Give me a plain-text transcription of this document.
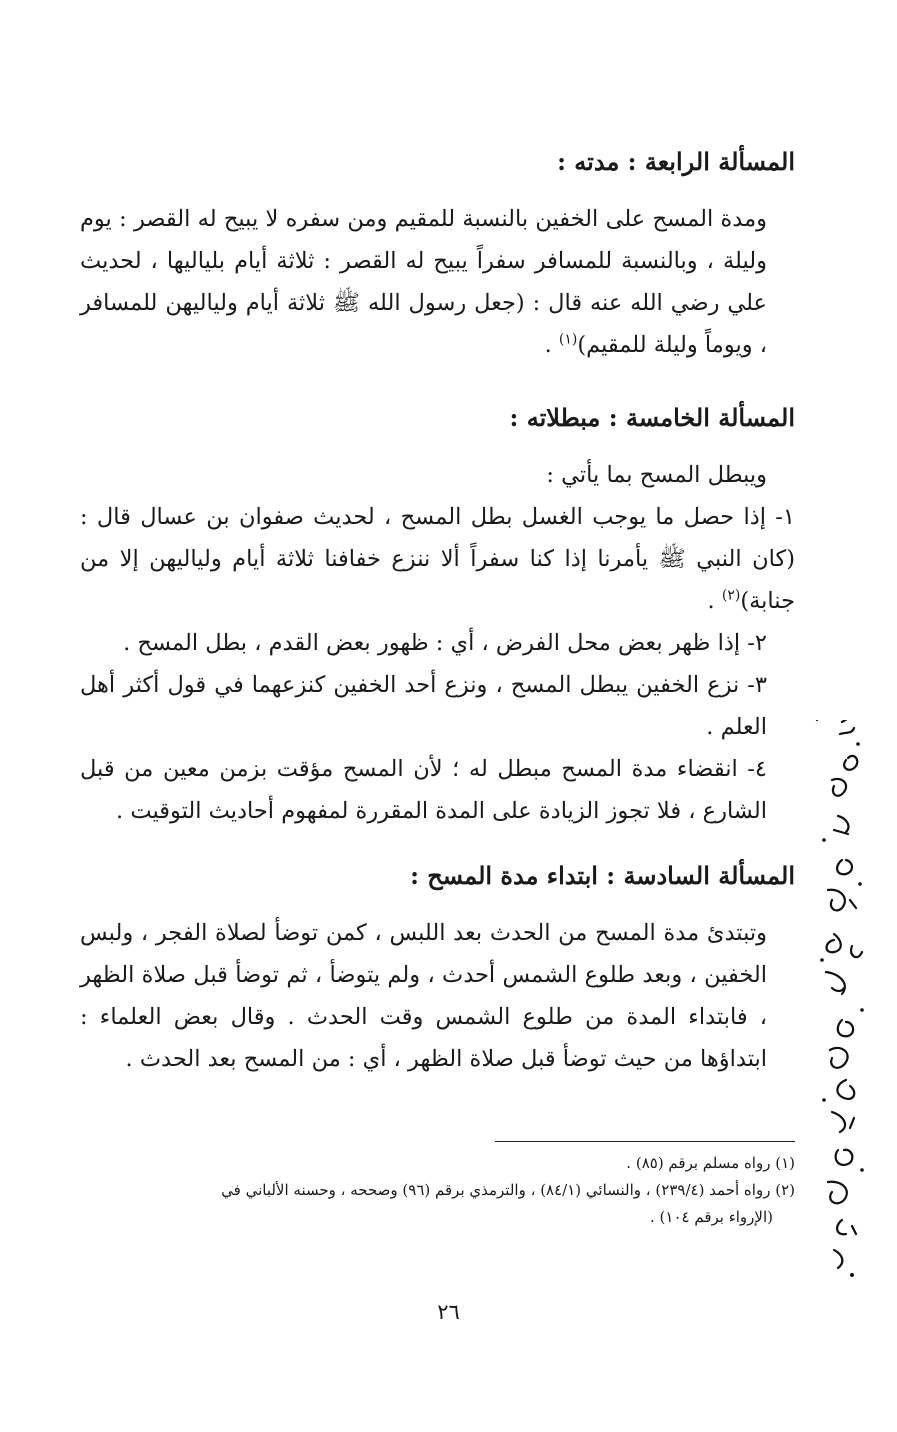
المسألة الرابعة : مدته :

ومدة المسح على الخفين بالنسبة للمقيم ومن سفره لا يبيح له القصر : يوم وليلة ، وبالنسبة للمسافر سفراً يبيح له القصر : ثلاثة أيام بلياليها ، لحديث علي رضي الله عنه قال : (جعل رسول الله ﷺ ثلاثة أيام ولياليهن للمسافر ، ويوماً وليلة للمقيم)$^{(١)}$ .

المسألة الخامسة : مبطلاته :

ويبطل المسح بما يأتي :

١- إذا حصل ما يوجب الغسل بطل المسح ، لحديث صفوان بن عسال قال : (كان النبي ﷺ يأمرنا إذا كنا سفراً ألا ننزع خفافنا ثلاثة أيام ولياليهن إلا من جنابة)$^{(٢)}$ .

٢- إذا ظهر بعض محل الفرض ، أي : ظهور بعض القدم ، بطل المسح .

٣- نزع الخفين يبطل المسح ، ونزع أحد الخفين كنزعهما في قول أكثر أهل العلم .

٤- انقضاء مدة المسح مبطل له ؛ لأن المسح مؤقت بزمن معين من قبل الشارع ، فلا تجوز الزيادة على المدة المقررة لمفهوم أحاديث التوقيت .

المسألة السادسة : ابتداء مدة المسح :

وتبتدئ مدة المسح من الحدث بعد اللبس ، كمن توضأ لصلاة الفجر ، ولبس الخفين ، وبعد طلوع الشمس أحدث ، ولم يتوضأ ، ثم توضأ قبل صلاة الظهر ، فابتداء المدة من طلوع الشمس وقت الحدث . وقال بعض العلماء : ابتداؤها من حيث توضأ قبل صلاة الظهر ، أي : من المسح بعد الحدث .

(١) رواه مسلم برقم (٨٥) .

(٢) رواه أحمد (٢٣٩/٤) ، والنسائي (٨٤/١) ، والترمذي برقم (٩٦) وصححه ، وحسنه الألباني في

(الإرواء برقم ١٠٤) .

٢٦
